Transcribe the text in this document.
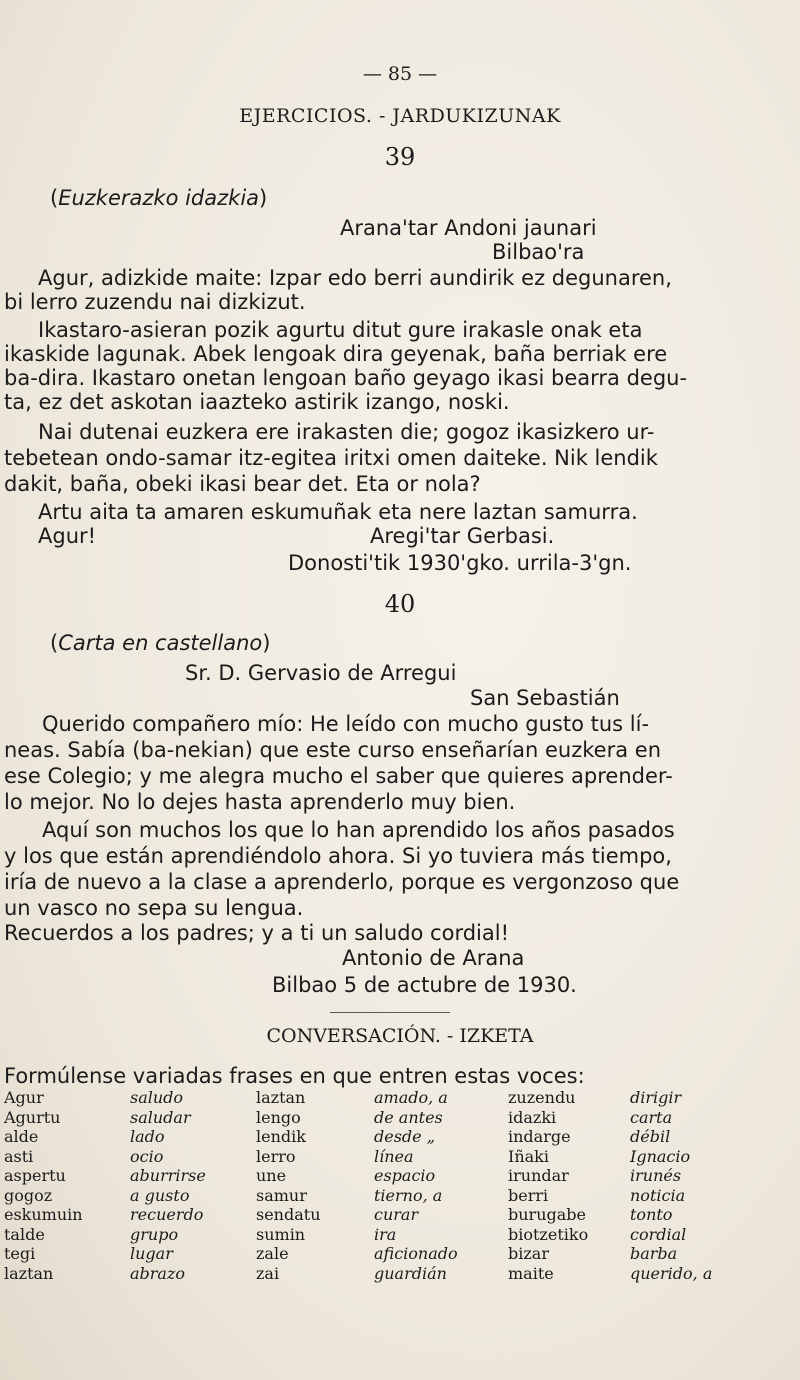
— 85 —
EJERCICIOS. - JARDUKIZUNAK
39
(Euzkerazko idazkia)
Arana'tar Andoni jaunari
Bilbao'ra
Agur, adizkide maite: Izpar edo berri aundirik ez degunaren,
bi lerro zuzendu nai dizkizut.
Ikastaro-asieran pozik agurtu ditut gure irakasle onak eta
ikaskide lagunak. Abek lengoak dira geyenak, baña berriak ere
ba-dira. Ikastaro onetan lengoan baño geyago ikasi bearra degu-
ta, ez det askotan iaazteko astirik izango, noski.
Nai dutenai euzkera ere irakasten die; gogoz ikasizkero ur-
tebetean ondo-samar itz-egitea iritxi omen daiteke. Nik lendik
dakit, baña, obeki ikasi bear det. Eta or nola?
Artu aita ta amaren eskumuñak eta nere laztan samurra.
Agur!	Aregi'tar Gerbasi.
Donosti'tik 1930'gko. urrila-3'gn.
40
(Carta en castellano)
Sr. D. Gervasio de Arregui
San Sebastián
Querido compañero mío: He leído con mucho gusto tus lí-
neas. Sabía (ba-nekian) que este curso enseñarían euzkera en
ese Colegio; y me alegra mucho el saber que quieres aprender-
lo mejor. No lo dejes hasta aprenderlo muy bien.
Aquí son muchos los que lo han aprendido los años pasados
y los que están aprendiéndolo ahora. Si yo tuviera más tiempo,
iría de nuevo a la clase a aprenderlo, porque es vergonzoso que
un vasco no sepa su lengua.
Recuerdos a los padres; y a ti un saludo cordial!
Antonio de Arana
Bilbao 5 de actubre de 1930.
CONVERSACIÓN. - IZKETA
Formúlense variadas frases en que entren estas voces:
Agur
Agurtu
alde
asti
aspertu
gogoz
eskumuin
talde
tegi
laztan
saludo
saludar
lado
ocio
aburrirse
a gusto
recuerdo
grupo
lugar
abrazo
laztan
lengo
lendik
lerro
une
samur
sendatu
sumin
zale
zai
amado, a
de antes
desde „
línea
espacio
tierno, a
curar
ira
aficionado
guardián
zuzendu
idazki
indarge
Iñaki
irundar
berri
burugabe
biotzetiko
bizar
maite
dirigir
carta
débil
Ignacio
irunés
noticia
tonto
cordial
barba
querido, a
